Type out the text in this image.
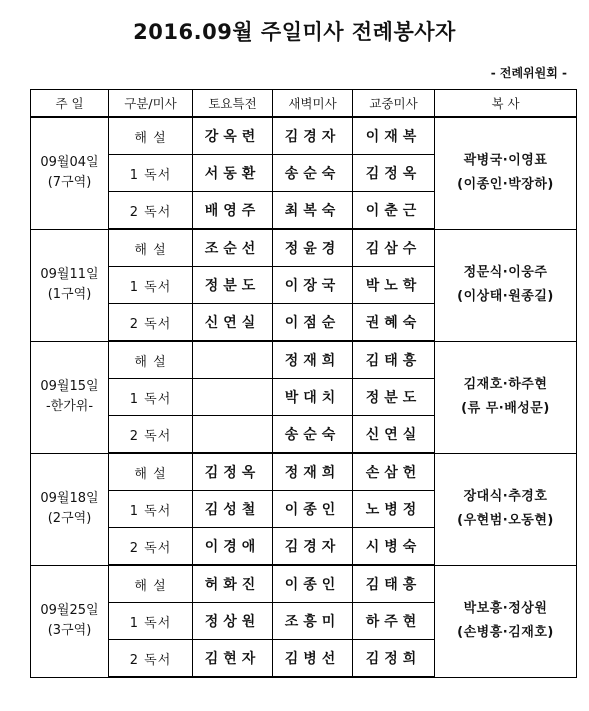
2016.09월 주일미사 전례봉사자
- 전례위원회 -
주 일	구분/미사	토요특전	새벽미사	교중미사	복 사
09월04일
(7구역)	해 설	강옥련	김경자	이재복	곽병국·이영표
(이종인·박장하)

	1 독서	서동환	송순숙	김정옥	
	2 독서	배영주	최복숙	이춘근	
09월11일
(1구역)	해 설	조순선	정윤경	김삼수	정문식·이웅주
(이상태·원종길)

	1 독서	정분도	이장국	박노학	
	2 독서	신연실	이점순	권혜숙	
09월15일
-한가위-	해 설		정재희	김태흥	김재호·하주현
(류 무·배성문)

	1 독서		박대치	정분도	
	2 독서		송순숙	신연실	
09월18일
(2구역)	해 설	김정옥	정재희	손삼헌	장대식·추경호
(우현범·오동현)

	1 독서	김성철	이종인	노병정	
	2 독서	이경애	김경자	시병숙	
09월25일
(3구역)	해 설	허화진	이종인	김태흥	박보흥·정상원
(손병흥·김재호)

	1 독서	정상원	조흥미	하주현	
	2 독서	김현자	김병선	김정희	
